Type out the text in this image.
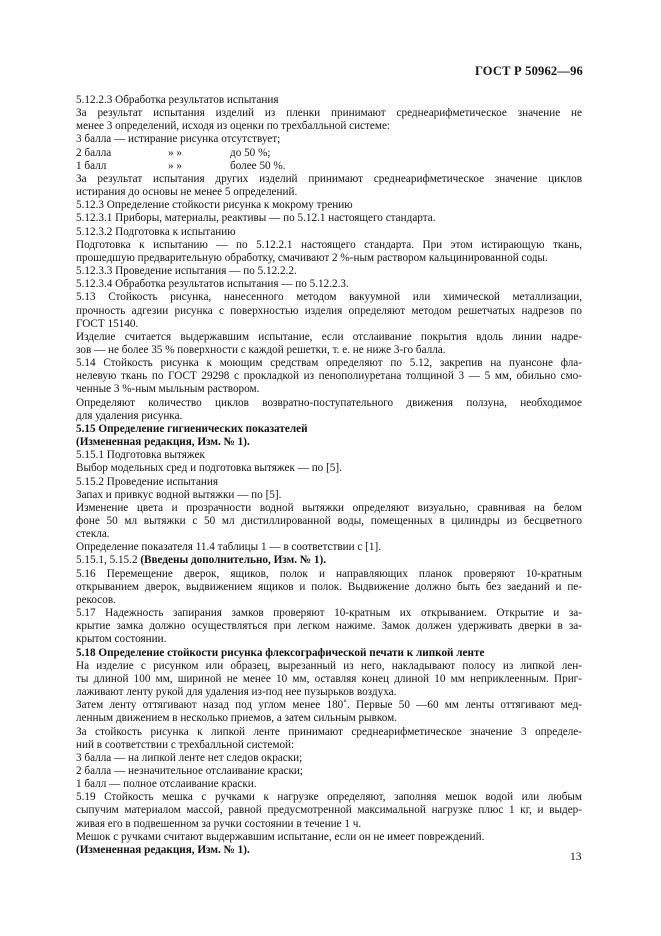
ГОСТ Р 50962—96
5.12.2.3 Обработка результатов испытания
За результат испытания изделий из пленки принимают среднеарифметическое значение не
менее 3 определений, исходя из оценки по трехбалльной системе:
3 балла — истирание рисунка отсутствует;
2 балла	» »	до 50 %;
1 балл	» »	более 50 %.
За результат испытания других изделий принимают среднеарифметическое значение циклов
истирания до основы не менее 5 определений.
5.12.3 Определение стойкости рисунка к мокрому трению
5.12.3.1 Приборы, материалы, реактивы — по 5.12.1 настоящего стандарта.
5.12.3.2 Подготовка к испытанию
Подготовка к испытанию — по 5.12.2.1 настоящего стандарта. При этом истирающую ткань,
прошедшую предварительную обработку, смачивают 2 %-ным раствором кальцинированной соды.
5.12.3.3 Проведение испытания — по 5.12.2.2.
5.12.3.4 Обработка результатов испытания — по 5.12.2.3.
5.13 Стойкость рисунка, нанесенного методом вакуумной или химической металлизации,
прочность адгезии рисунка с поверхностью изделия определяют методом решетчатых надрезов по
ГОСТ 15140.
Изделие считается выдержавшим испытание, если отслаивание покрытия вдоль линии надре-
зов — не более 35 % поверхности с каждой решетки, т. е. не ниже 3-го балла.
5.14 Стойкость рисунка к моющим средствам определяют по 5.12, закрепив на пуансоне фла-
нелевую ткань по ГОСТ 29298 с прокладкой из пенополиуретана толщиной 3 — 5 мм, обильно смо-
ченные 3 %-ным мыльным раствором.
Определяют количество циклов возвратно-поступательного движения ползуна, необходимое
для удаления рисунка.
5.15 Определение гигиенических показателей
(Измененная редакция, Изм. № 1).
5.15.1 Подготовка вытяжек
Выбор модельных сред и подготовка вытяжек — по [5].
5.15.2 Проведение испытания
Запах и привкус водной вытяжки — по [5].
Изменение цвета и прозрачности водной вытяжки определяют визуально, сравнивая на белом
фоне 50 мл вытяжки с 50 мл дистиллированной воды, помещенных в цилиндры из бесцветного
стекла.
Определение показателя 11.4 таблицы 1 — в соответствии с [1].
5.15.1, 5.15.2 (Введены дополнительно, Изм. № 1).
5.16 Перемещение дверок, ящиков, полок и направляющих планок проверяют 10-кратным
открыванием дверок, выдвижением ящиков и полок. Выдвижение должно быть без заеданий и пе-
рекосов.
5.17 Надежность запирания замков проверяют 10-кратным их открыванием. Открытие и за-
крытие замка должно осуществляться при легком нажиме. Замок должен удерживать дверки в за-
крытом состоянии.
5.18 Определение стойкости рисунка флексографической печати к липкой ленте
На изделие с рисунком или образец, вырезанный из него, накладывают полосу из липкой лен-
ты длиной 100 мм, шириной не менее 10 мм, оставляя конец длиной 10 мм неприклеенным. Приг-
лаживают ленту рукой для удаления из-под нее пузырьков воздуха.
Затем ленту оттягивают назад под углом менее 180˚. Первые 50 —60 мм ленты оттягивают мед-
ленным движением в несколько приемов, а затем сильным рывком.
За стойкость рисунка к липкой ленте принимают среднеарифметическое значение 3 определе-
ний в соответствии с трехбалльной системой:
3 балла — на липкой ленте нет следов окраски;
2 балла — незначительное отслаивание краски;
1 балл — полное отслаивание краски.
5.19 Стойкость мешка с ручками к нагрузке определяют, заполняя мешок водой или любым
сыпучим материалом массой, равной предусмотренной максимальной нагрузке плюс 1 кг, и выдер-
живая его в подвешенном за ручки состоянии в течение 1 ч.
Мешок с ручками считают выдержавшим испытание, если он не имеет повреждений.
(Измененная редакция, Изм. № 1).
13
